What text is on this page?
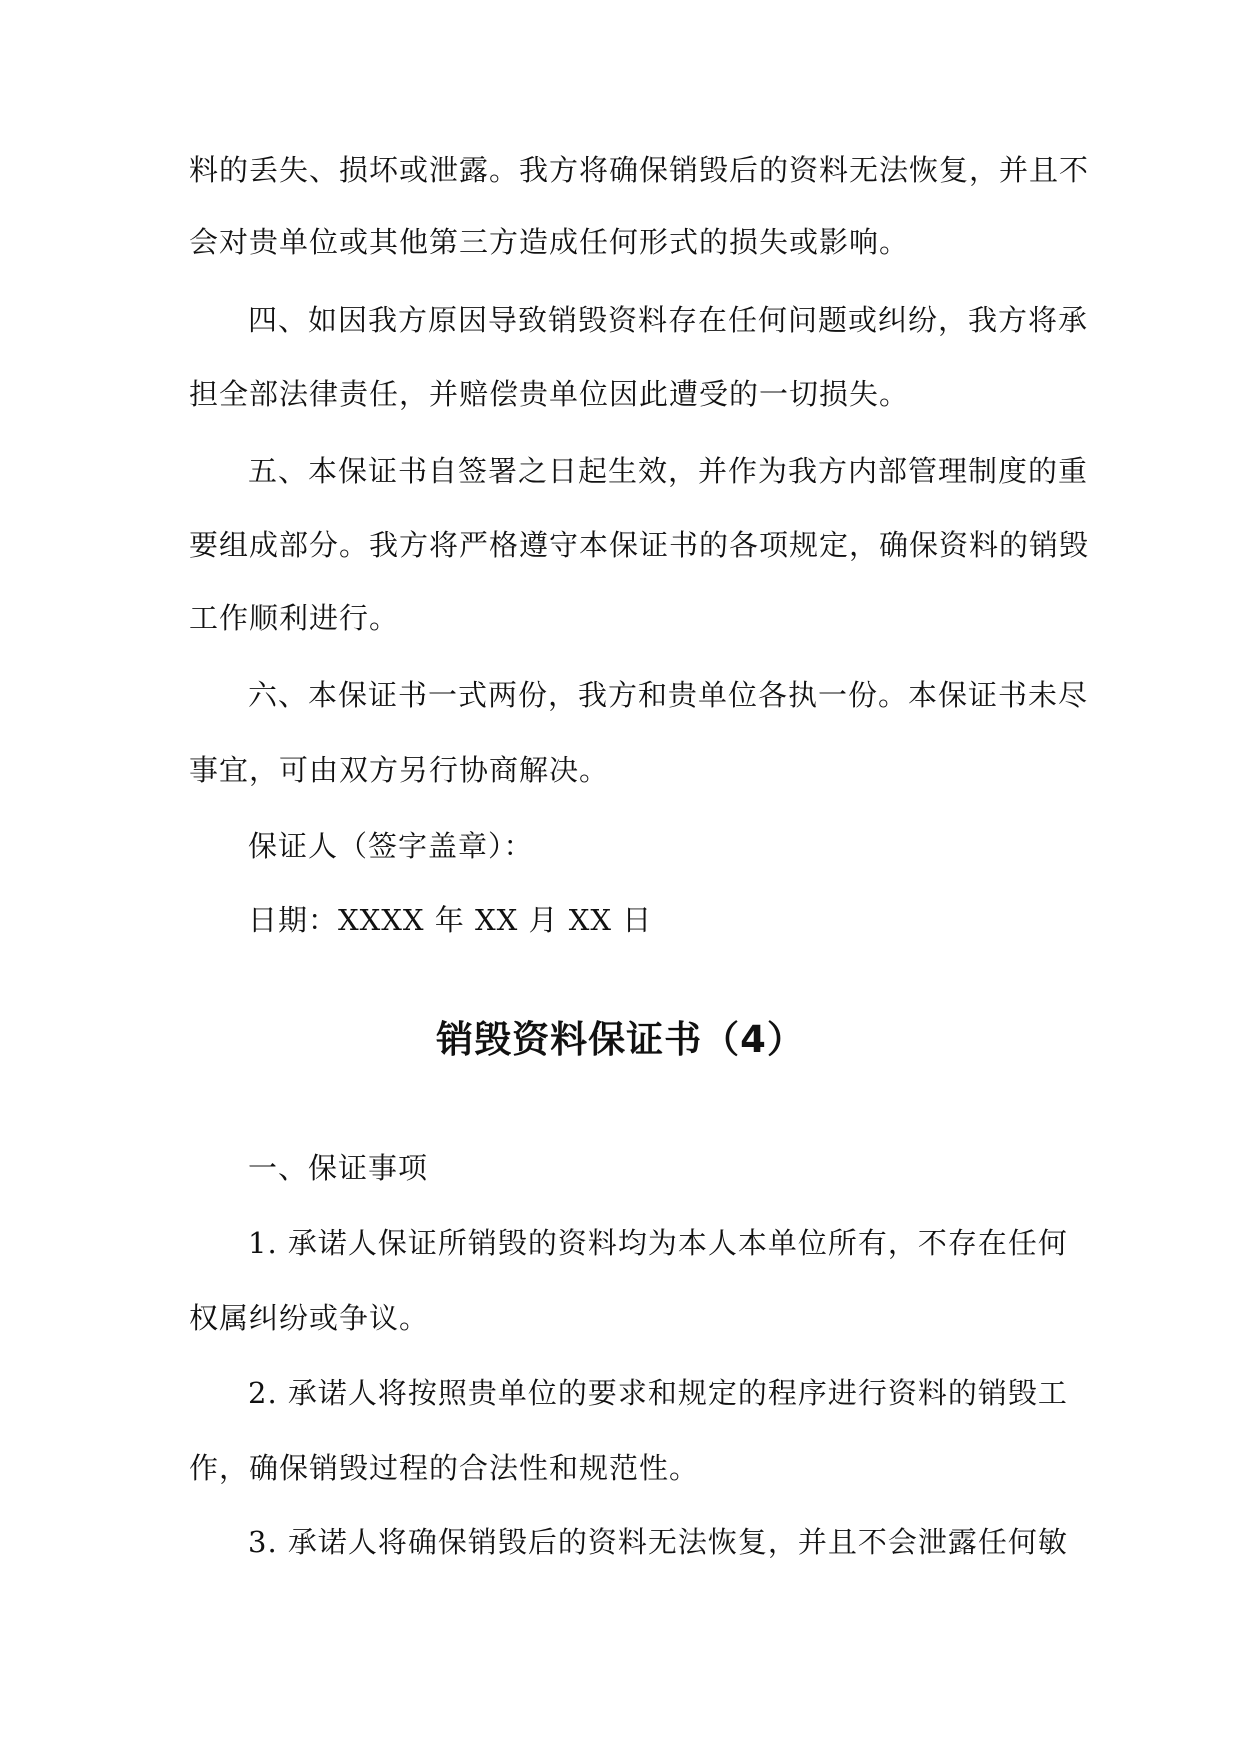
料的丢失、损坏或泄露。我方将确保销毁后的资料无法恢复，并且不
会对贵单位或其他第三方造成任何形式的损失或影响。
四、如因我方原因导致销毁资料存在任何问题或纠纷，我方将承
担全部法律责任，并赔偿贵单位因此遭受的一切损失。
五、本保证书自签署之日起生效，并作为我方内部管理制度的重
要组成部分。我方将严格遵守本保证书的各项规定，确保资料的销毁
工作顺利进行。
六、本保证书一式两份，我方和贵单位各执一份。本保证书未尽
事宜，可由双方另行协商解决。
保证人（签字盖章）：
日期：XXXX 年 XX 月 XX 日
销毁资料保证书（4）
一、保证事项
1. 承诺人保证所销毁的资料均为本人本单位所有，不存在任何
权属纠纷或争议。
2. 承诺人将按照贵单位的要求和规定的程序进行资料的销毁工
作，确保销毁过程的合法性和规范性。
3. 承诺人将确保销毁后的资料无法恢复，并且不会泄露任何敏
